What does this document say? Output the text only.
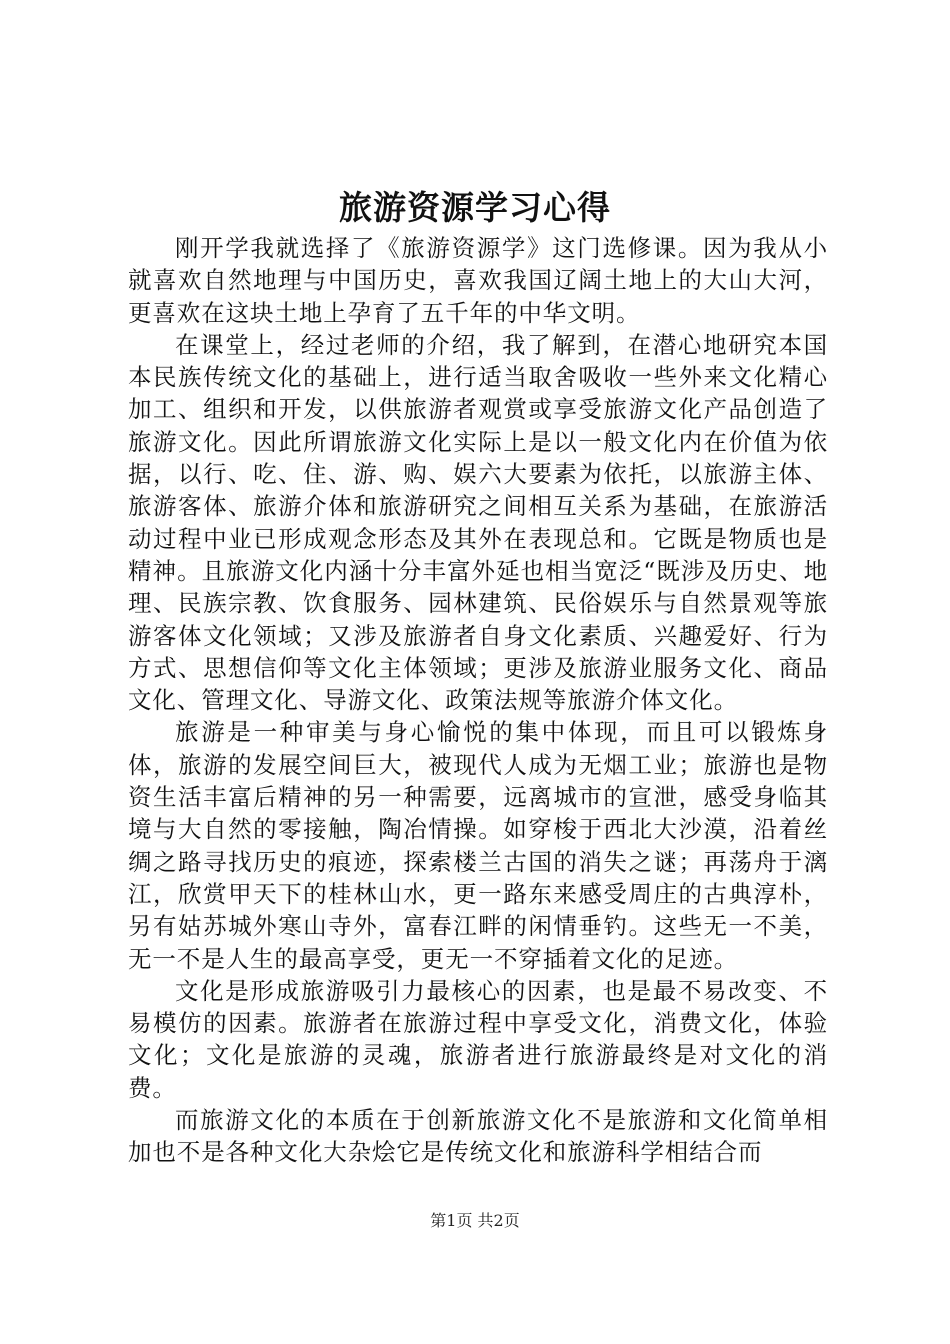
旅游资源学习心得

刚开学我就选择了《旅游资源学》这门选修课。因为我从小就喜欢自然地理与中国历史，喜欢我国辽阔土地上的大山大河，更喜欢在这块土地上孕育了五千年的中华文明。

在课堂上，经过老师的介绍，我了解到，在潜心地研究本国本民族传统文化的基础上，进行适当取舍吸收一些外来文化精心加工、组织和开发，以供旅游者观赏或享受旅游文化产品创造了旅游文化。因此所谓旅游文化实际上是以一般文化内在价值为依据，以行、吃、住、游、购、娱六大要素为依托，以旅游主体、旅游客体、旅游介体和旅游研究之间相互关系为基础，在旅游活动过程中业已形成观念形态及其外在表现总和。它既是物质也是精神。且旅游文化内涵十分丰富外延也相当宽泛“既涉及历史、地理、民族宗教、饮食服务、园林建筑、民俗娱乐与自然景观等旅游客体文化领域；又涉及旅游者自身文化素质、兴趣爱好、行为方式、思想信仰等文化主体领域；更涉及旅游业服务文化、商品文化、管理文化、导游文化、政策法规等旅游介体文化。

旅游是一种审美与身心愉悦的集中体现，而且可以锻炼身体，旅游的发展空间巨大，被现代人成为无烟工业；旅游也是物资生活丰富后精神的另一种需要，远离城市的宣泄，感受身临其境与大自然的零接触，陶冶情操。如穿梭于西北大沙漠，沿着丝绸之路寻找历史的痕迹，探索楼兰古国的消失之谜；再荡舟于漓江，欣赏甲天下的桂林山水，更一路东来感受周庄的古典淳朴，另有姑苏城外寒山寺外，富春江畔的闲情垂钓。这些无一不美，无一不是人生的最高享受，更无一不穿插着文化的足迹。

文化是形成旅游吸引力最核心的因素，也是最不易改变、不易模仿的因素。旅游者在旅游过程中享受文化，消费文化，体验文化；文化是旅游的灵魂，旅游者进行旅游最终是对文化的消费。

而旅游文化的本质在于创新旅游文化不是旅游和文化简单相加也不是各种文化大杂烩它是传统文化和旅游科学相结合而

第1页 共2页
